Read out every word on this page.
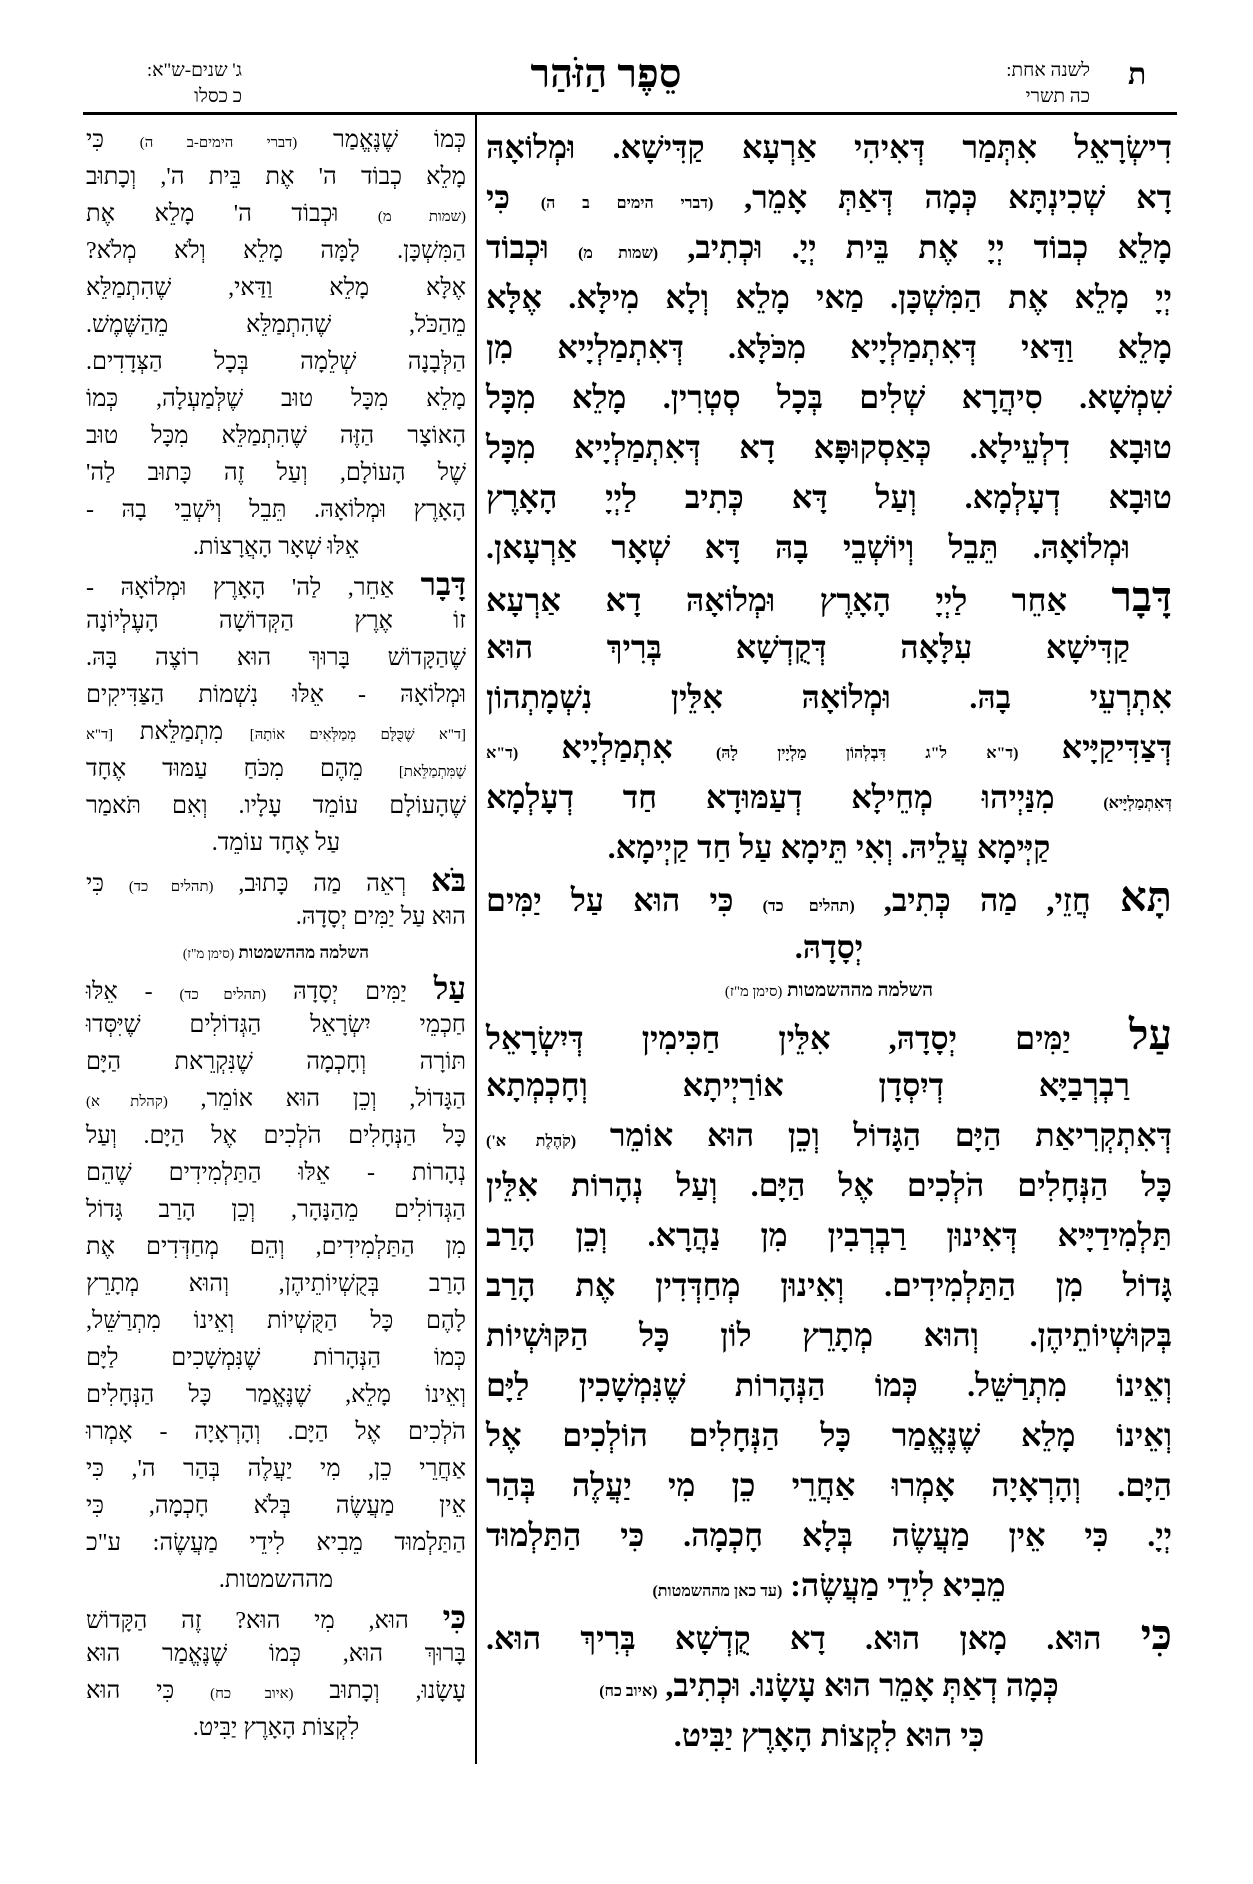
ת
לשנה אחת:
כה תשרי
סֵפֶר הַזֹּהַר
ג' שנים-ש"א:
כ כסלו
דִישְׂרָאֵל אִתְּמַר דְּאִיהִי אַרְעָא קַדִּישָׁא. וּמְלוֹאָהּ
דָא שְׁכִינְתָּא כְּמָה דְּאַתְּ אָמֵר, (דברי הימים ב ה) כִּי
מָלֵא כְבוֹד יְיָ אֶת בֵּית יְיָ. וּכְתִיב, (שמות מ) וּכְבוֹד
יְיָ מָלֵא אֶת הַמִּשְׁכָּן. מַאי מָלֵא וְלָא מִילָּא. אֶלָּא
מָלֵא וַדַּאי דְּאִתְמַלְיָיא מִכֹּלָּא. דְּאִתְמַלְיָיא מִן
שִׁמְשָׁא. סִיהֲרָא שְׁלִים בְּכָל סְטְרִין. מָלֵא מִכָּל
טוּבָא דִלְעֵילָא. כְּאַסְקוּפָּא דָא דְּאִתְמַלְיָיא מִכָּל
טוּבָא דְעָלְמָא. וְעַל דָּא כְּתִיב לַיְיָ הָאָרֶץ
וּמְלוֹאָהּ. תֵּבֵל וְיוֹשְׁבֵי בָהּ דָּא שְׁאָר אַרְעָאן.
דָּבָר אַחֵר לַיְיָ הָאָרֶץ וּמְלוֹאָהּ דָא אַרְעָא
קַדִּישָׁא עִלָּאָה דְּקֻדְשָׁא בְּרִיךְ הוּא
אִתְרְעֵי בָהּ. וּמְלוֹאָהּ אִלֵּין נִשְׁמָתְהוֹן
דְּצַדִּיקַיָּיא (ד"א ל"ג דִּבְלְהוֹן מַלְיָין לָהּ) אִתְמַלְיָיא (ד"א
דְּאִתְמַלְיָּיא) מִנַּיְיהוּ מְחֵילָא דְעַמּוּדָא חַד דְעָלְמָא
קַיְּימָא עֲלֵיהּ. וְאִי תֵּימָא עַל חַד קַיְימָא.
תָּא חֲזֵי, מַה כְּתִיב, (תהלים כד) כִּי הוּא עַל יַמִּים
יְסָדָהּ.
השלמה מההשמטות (סימן מ"ז)
עַל יַמִּים יְסָדָהּ, אִלֵּין חַכִּימִין דְּיִשְׂרָאֵל
רַבְרְבַיָּא דְיִסְדָן אוֹרַיְיתָא וְחָכְמְתָא
דְּאִתְקְרִיאַת הַיָּם הַגָּדוֹל וְכֵן הוּא אוֹמֵר (קֹהֶלֶת א')
כָּל הַנְּחָלִים הֹלְכִים אֶל הַיָּם. וְעַל נְהָרוֹת אִלֵּין
תַּלְמִידַיָּיא דְּאִינוּן רַבְרְבִין מִן נַהֲרָא. וְכֵן הָרַב
גָּדוֹל מִן הַתַּלְמִידִים. וְאִינוּן מְחַדְּדִין אֶת הָרַב
בְּקוּשְׁיוֹתֵיהֶן. וְהוּא מְתָרֵץ לוֹן כָּל הַקּוּשְׁיוֹת
וְאֵינוֹ מִתְרַשֵּׁל. כְּמוֹ הַנְּהָרוֹת שֶׁנִּמְשָׁכִין לַיָּם
וְאֵינוֹ מָלֵא שֶׁנֶּאֱמַר כָּל הַנְּחָלִים הוֹלְכִים אֶל
הַיָּם. וְהָרְאָיָה אָמְרוּ אַחֲרֵי כֵן מִי יַעֲלֶה בְּהַר
יְיָ. כִּי אֵין מַעֲשֶׂה בְּלָא חָכְמָה. כִּי הַתַּלְמוּד
מֵבִיא לִידֵי מַעֲשֶׂה: (עד כאן מההשמטות)
כִּי הוּא. מָאן הוּא. דָא קֻדְשָׁא בְּרִיךְ הוּא.
כְּמָה דְאַתְּ אָמֵר הוּא עָשָׂנוּ. וּכְתִיב, (איוב כח)
כִּי הוּא לִקְצוֹת הָאָרֶץ יַבִּיט.
כְּמוֹ שֶׁנֶּאֱמַר (דברי הימים-ב ה) כִּי
מָלֵא כְבוֹד ה' אֶת בֵּית ה', וְכָתוּב
(שמות מ) וּכְבוֹד ה' מָלֵא אֶת
הַמִּשְׁכָּן. לָמָּה מָלֵא וְלֹא מְלֹא?
אֶלָּא מָלֵא וַדַּאי, שֶׁהִתְמַלֵּא
מֵהַכֹּל, שֶׁהִתְמַלֵּא מֵהַשֶּׁמֶשׁ.
הַלְּבָנָה שְׁלֵמָה בְּכָל הַצְּדָדִים.
מָלֵא מִכָּל טוּב שֶׁלְּמַעְלָה, כְּמוֹ
הָאוֹצָר הַזֶּה שֶׁהִתְמַלֵּא מִכָּל טוּב
שֶׁל הָעוֹלָם, וְעַל זֶה כָּתוּב לַה'
הָאָרֶץ וּמְלוֹאָהּ. תֵּבֵל וְיֹשְׁבֵי בָהּ -
אֵלּוּ שְׁאָר הָאֲרָצוֹת.
דָּבָר אַחֵר, לַה' הָאָרֶץ וּמְלוֹאָהּ -
זוֹ אֶרֶץ הַקְּדוֹשָׁה הָעֶלְיוֹנָה
שֶׁהַקָּדוֹשׁ בָּרוּךְ הוּא רוֹצֶה בָּהּ.
וּמְלוֹאָהּ - אֵלּוּ נִשְׁמוֹת הַצַּדִּיקִים
[ד"א שֶׁכֻּלָּם מְמַלְּאִים אוֹתָהּ] מִתְמַלֵּאת [ד"א
שֶׁמִּתְמַלֵּאת] מֵהֶם מִכֹּחַ עַמּוּד אֶחָד
שֶׁהָעוֹלָם עוֹמֵד עָלָיו. וְאִם תֹּאמַר
עַל אֶחָד עוֹמֵד.
בֹּא רְאֵה מַה כָּתוּב, (תהלים כד) כִּי
הוּא עַל יַמִּים יְסָדָהּ.
השלמה מההשמטות (סימן מ"ז)
עַל יַמִּים יְסָדָהּ (תהלים כד) - אֵלּוּ
חַכְמֵי יִשְׂרָאֵל הַגְּדוֹלִים שֶׁיִּסְּדוּ
תּוֹרָה וְחָכְמָה שֶׁנִּקְרֵאת הַיָּם
הַגָּדוֹל, וְכֵן הוּא אוֹמֵר, (קהלת א)
כָּל הַנְּחָלִים הֹלְכִים אֶל הַיָּם. וְעַל
נְהָרוֹת - אֵלּוּ הַתַּלְמִידִים שֶׁהֵם
הַגְּדוֹלִים מֵהַנָּהָר, וְכֵן הָרַב גָּדוֹל
מִן הַתַּלְמִידִים, וְהֵם מְחַדְּדִים אֶת
הָרַב בְּקֻשְׁיוֹתֵיהֶן, וְהוּא מְתָרֵץ
לָהֶם כָּל הַקֻּשְׁיוֹת וְאֵינוֹ מִתְרַשֵּׁל,
כְּמוֹ הַנְּהָרוֹת שֶׁנִּמְשָׁכִים לַיָּם
וְאֵינוֹ מָלֵא, שֶׁנֶּאֱמַר כָּל הַנְּחָלִים
הֹלְכִים אֶל הַיָּם. וְהָרְאָיָה - אָמְרוּ
אַחֲרֵי כֵן, מִי יַעֲלֶה בְּהַר ה', כִּי
אֵין מַעֲשֶׂה בְּלֹא חָכְמָה, כִּי
הַתַּלְמוּד מֵבִיא לִידֵי מַעֲשֶׂה: ע"כ
מההשמטות.
כִּי הוּא, מִי הוּא? זֶה הַקָּדוֹשׁ
בָּרוּךְ הוּא, כְּמוֹ שֶׁנֶּאֱמַר הוּא
עָשָׂנוּ, וְכָתוּב (איוב כח) כִּי הוּא
לִקְצוֹת הָאָרֶץ יַבִּיט.
